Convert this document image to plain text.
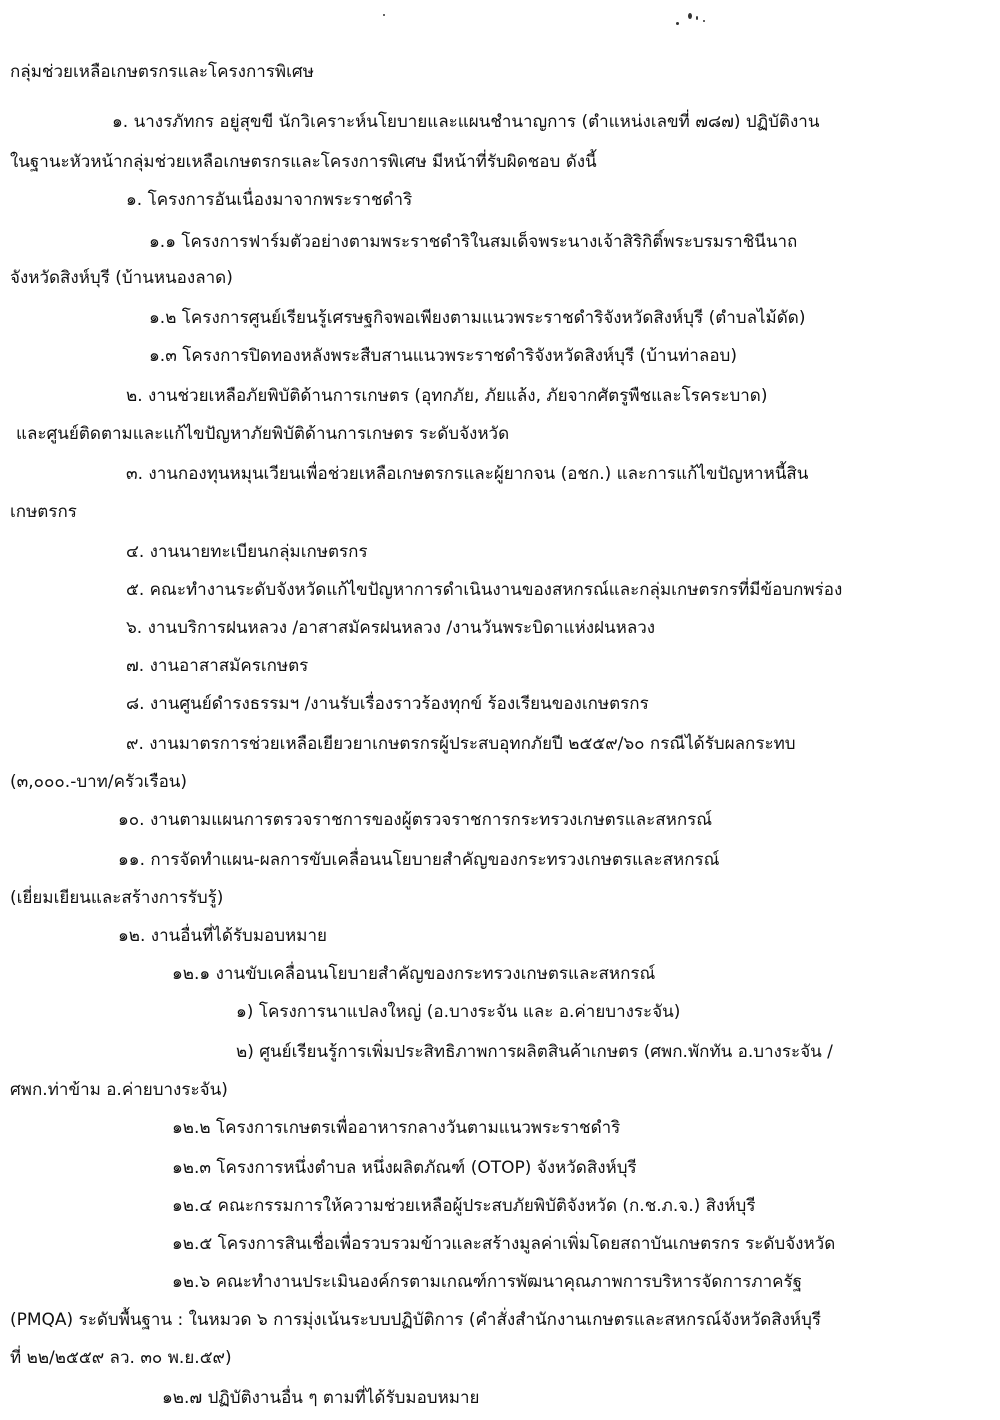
กลุ่มช่วยเหลือเกษตรกรและโครงการพิเศษ
๑. นางรภัทกร อยู่สุขขี นักวิเคราะห์นโยบายและแผนชำนาญการ (ตำแหน่งเลขที่ ๗๘๗) ปฏิบัติงาน
ในฐานะหัวหน้ากลุ่มช่วยเหลือเกษตรกรและโครงการพิเศษ มีหน้าที่รับผิดชอบ ดังนี้
๑. โครงการอันเนื่องมาจากพระราชดำริ
๑.๑ โครงการฟาร์มตัวอย่างตามพระราชดำริในสมเด็จพระนางเจ้าสิริกิติ์พระบรมราชินีนาถ
จังหวัดสิงห์บุรี (บ้านหนองลาด)
๑.๒ โครงการศูนย์เรียนรู้เศรษฐกิจพอเพียงตามแนวพระราชดำริจังหวัดสิงห์บุรี (ตำบลไม้ดัด)
๑.๓ โครงการปิดทองหลังพระสืบสานแนวพระราชดำริจังหวัดสิงห์บุรี (บ้านท่าลอบ)
๒. งานช่วยเหลือภัยพิบัติด้านการเกษตร (อุทกภัย, ภัยแล้ง, ภัยจากศัตรูพืชและโรคระบาด)
และศูนย์ติดตามและแก้ไขปัญหาภัยพิบัติด้านการเกษตร ระดับจังหวัด
๓. งานกองทุนหมุนเวียนเพื่อช่วยเหลือเกษตรกรและผู้ยากจน (อชก.) และการแก้ไขปัญหาหนี้สิน
เกษตรกร
๔. งานนายทะเบียนกลุ่มเกษตรกร
๕. คณะทำงานระดับจังหวัดแก้ไขปัญหาการดำเนินงานของสหกรณ์และกลุ่มเกษตรกรที่มีข้อบกพร่อง
๖. งานบริการฝนหลวง /อาสาสมัครฝนหลวง /งานวันพระบิดาแห่งฝนหลวง
๗. งานอาสาสมัครเกษตร
๘. งานศูนย์ดำรงธรรมฯ /งานรับเรื่องราวร้องทุกข์ ร้องเรียนของเกษตรกร
๙. งานมาตรการช่วยเหลือเยียวยาเกษตรกรผู้ประสบอุทกภัยปี ๒๕๕๙/๖๐ กรณีได้รับผลกระทบ
(๓,๐๐๐.-บาท/ครัวเรือน)
๑๐. งานตามแผนการตรวจราชการของผู้ตรวจราชการกระทรวงเกษตรและสหกรณ์
๑๑. การจัดทำแผน-ผลการขับเคลื่อนนโยบายสำคัญของกระทรวงเกษตรและสหกรณ์
(เยี่ยมเยียนและสร้างการรับรู้)
๑๒. งานอื่นที่ได้รับมอบหมาย
๑๒.๑ งานขับเคลื่อนนโยบายสำคัญของกระทรวงเกษตรและสหกรณ์
๑) โครงการนาแปลงใหญ่ (อ.บางระจัน และ อ.ค่ายบางระจัน)
๒) ศูนย์เรียนรู้การเพิ่มประสิทธิภาพการผลิตสินค้าเกษตร (ศพก.พักทัน อ.บางระจัน /
ศพก.ท่าข้าม อ.ค่ายบางระจัน)
๑๒.๒ โครงการเกษตรเพื่ออาหารกลางวันตามแนวพระราชดำริ
๑๒.๓ โครงการหนึ่งตำบล หนึ่งผลิตภัณฑ์ (OTOP) จังหวัดสิงห์บุรี
๑๒.๔ คณะกรรมการให้ความช่วยเหลือผู้ประสบภัยพิบัติจังหวัด (ก.ช.ภ.จ.) สิงห์บุรี
๑๒.๕ โครงการสินเชื่อเพื่อรวบรวมข้าวและสร้างมูลค่าเพิ่มโดยสถาบันเกษตรกร ระดับจังหวัด
๑๒.๖ คณะทำงานประเมินองค์กรตามเกณฑ์การพัฒนาคุณภาพการบริหารจัดการภาครัฐ
(PMQA) ระดับพื้นฐาน : ในหมวด ๖ การมุ่งเน้นระบบปฏิบัติการ (คำสั่งสำนักงานเกษตรและสหกรณ์จังหวัดสิงห์บุรี
ที่ ๒๒/๒๕๕๙ ลว. ๓๐ พ.ย.๕๙)
๑๒.๗ ปฏิบัติงานอื่น ๆ ตามที่ได้รับมอบหมาย
